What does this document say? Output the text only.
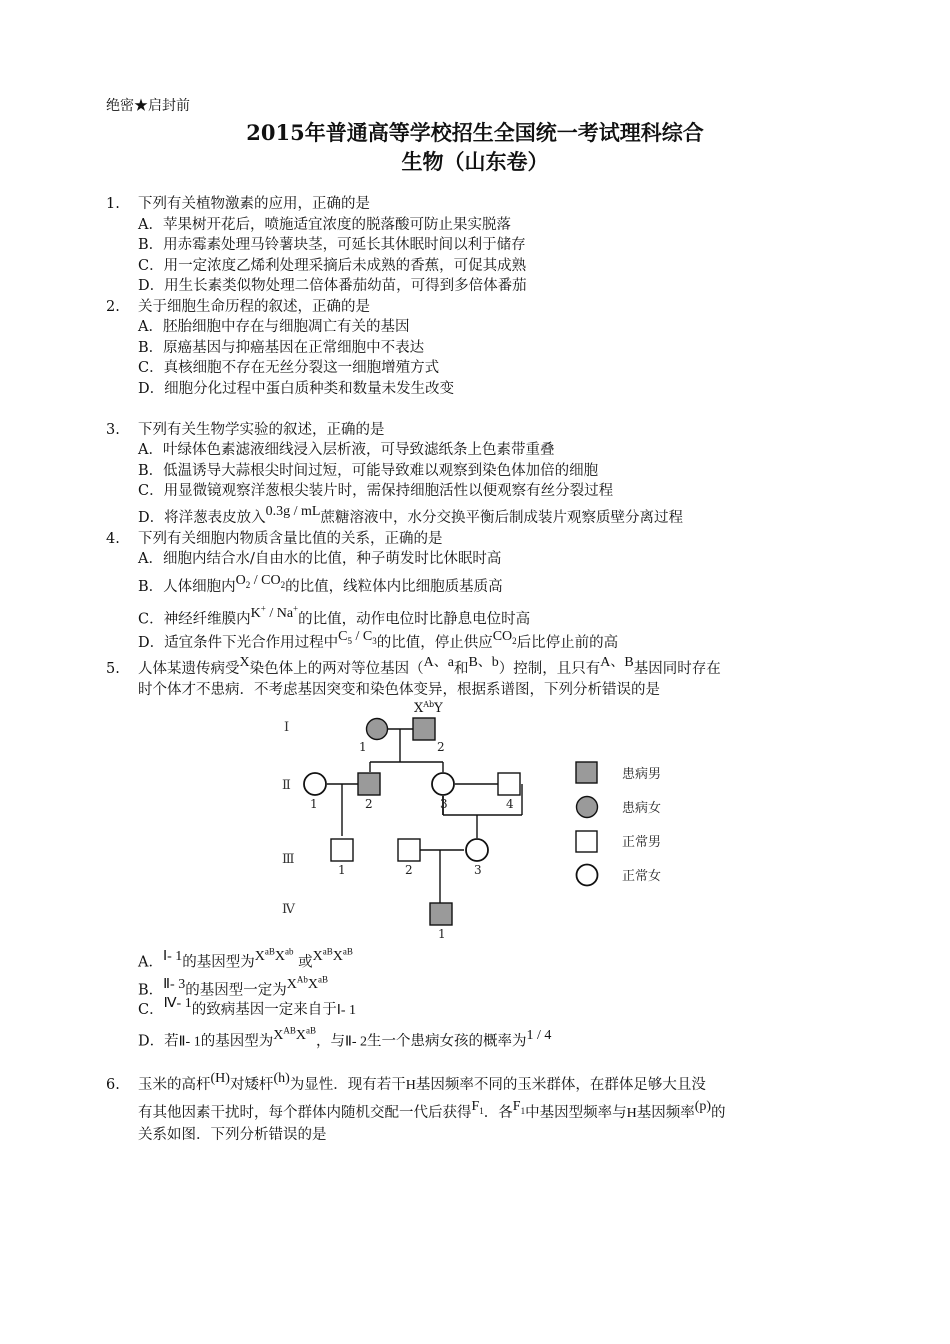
绝密★启封前
2015年普通高等学校招生全国统一考试理科综合
生物（山东卷）
1. 下列有关植物激素的应用，正确的是
A．苹果树开花后，喷施适宜浓度的脱落酸可防止果实脱落
B．用赤霉素处理马铃薯块茎，可延长其休眠时间以利于储存
C．用一定浓度乙烯利处理采摘后未成熟的香蕉，可促其成熟
D．用生长素类似物处理二倍体番茄幼苗，可得到多倍体番茄
2. 关于细胞生命历程的叙述，正确的是
A．胚胎细胞中存在与细胞凋亡有关的基因
B．原癌基因与抑癌基因在正常细胞中不表达
C．真核细胞不存在无丝分裂这一细胞增殖方式
D．细胞分化过程中蛋白质种类和数量未发生改变
3. 下列有关生物学实验的叙述，正确的是
A．叶绿体色素滤液细线浸入层析液，可导致滤纸条上色素带重叠
B．低温诱导大蒜根尖时间过短，可能导致难以观察到染色体加倍的细胞
C．用显微镜观察洋葱根尖装片时，需保持细胞活性以便观察有丝分裂过程
D．将洋葱表皮放入0.3g / mL蔗糖溶液中，水分交换平衡后制成装片观察质壁分离过程
4. 下列有关细胞内物质含量比值的关系，正确的是
A．细胞内结合水/自由水的比值，种子萌发时比休眠时高
B．人体细胞内$O_2 / CO_2$的比值，线粒体内比细胞质基质高
C．神经纤维膜内K+ / Na+的比值，动作电位时比静息电位时高
D．适宜条件下光合作用过程中$C_5 / C_3$的比值，停止供应$CO_2$后比停止前的高
5. 人体某遗传病受X染色体上的两对等位基因（A、a和B、b）控制，且只有A、B基因同时存在
时个体才不患病．不考虑基因突变和染色体变异，根据系谱图，下列分析错误的是
Ⅰ
Ⅱ
Ⅲ
Ⅳ
$X^{Ab}Y$
1	2
1	2	3	4
1	2	3
1
患病男
患病女
正常男
正常女
A．Ⅰ- 1的基因型为$X^{aB}X^{ab}$ 或$X^{aB}X^{aB}$
B．Ⅱ- 3的基因型一定为$X^{Ab}X^{aB}$
C．Ⅳ- 1的致病基因一定来自于Ⅰ- 1
D．若Ⅱ- 1的基因型为$X^{AB}X^{aB}$，与Ⅱ- 2生一个患病女孩的概率为1 / 4
6. 玉米的高杆(H)对矮杆(h)为显性．现有若干H基因频率不同的玉米群体，在群体足够大且没
有其他因素干扰时，每个群体内随机交配一代后获得$F_1$．各$F_1$中基因型频率与H基因频率(p)的
关系如图．下列分析错误的是
